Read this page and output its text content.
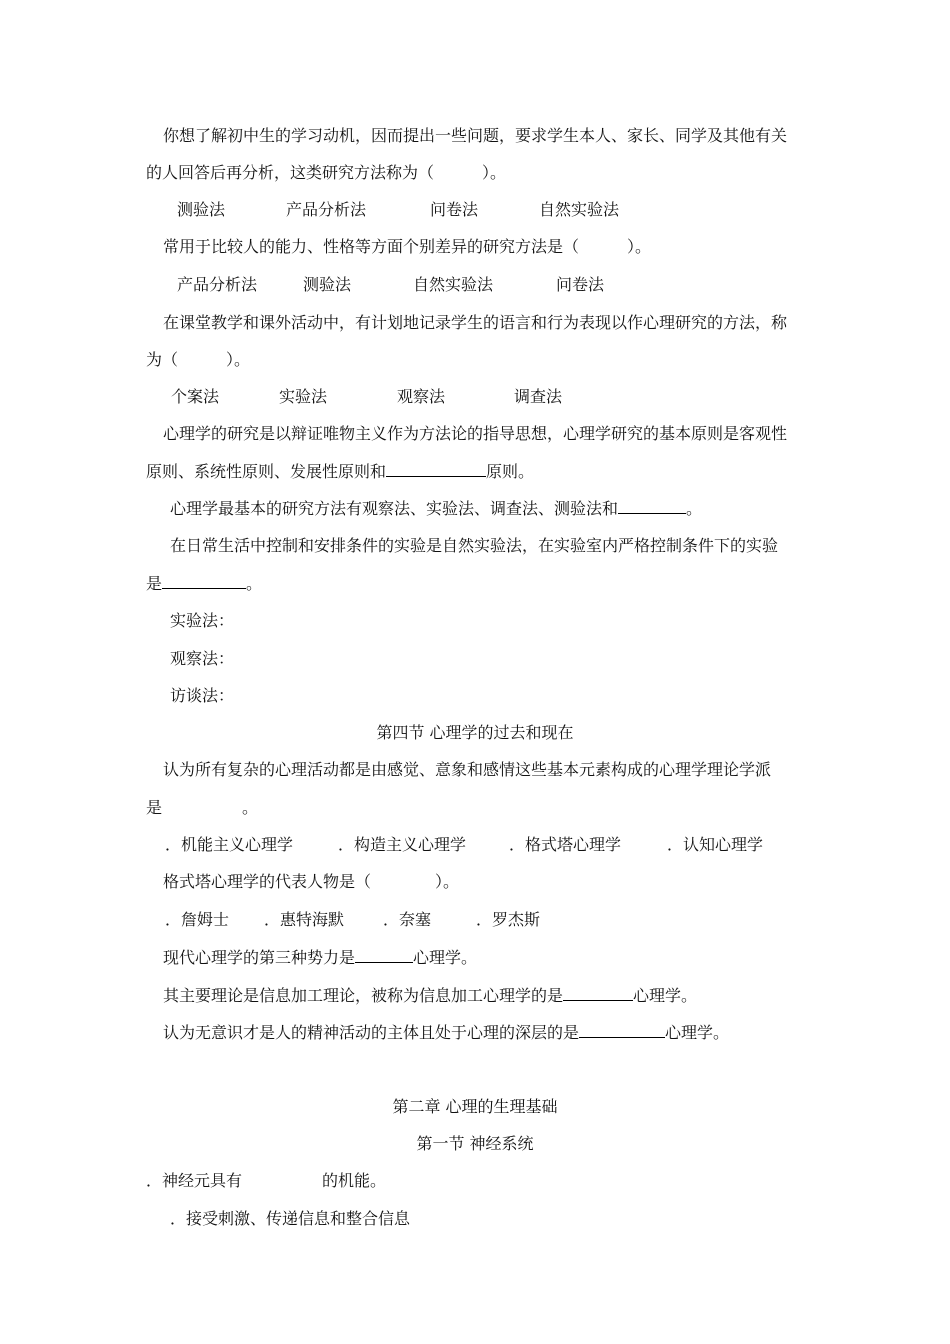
你想了解初中生的学习动机，因而提出一些问题，要求学生本人、家长、同学及其他有关
的人回答后再分析，这类研究方法称为（　　　）。
测验法	产品分析法	问卷法	自然实验法
常用于比较人的能力、性格等方面个别差异的研究方法是（　　　）。
产品分析法	测验法	自然实验法	问卷法
在课堂教学和课外活动中，有计划地记录学生的语言和行为表现以作心理研究的方法，称
为（　　　）。
个案法	实验法	观察法	调查法
心理学的研究是以辩证唯物主义作为方法论的指导思想，心理学研究的基本原则是客观性
原则、系统性原则、发展性原则和	原则。
心理学最基本的研究方法有观察法、实验法、调查法、测验法和	。
在日常生活中控制和安排条件的实验是自然实验法，在实验室内严格控制条件下的实验
是	。
实验法：
观察法：
访谈法：
第四节 心理学的过去和现在
认为所有复杂的心理活动都是由感觉、意象和感情这些基本元素构成的心理学理论学派
是　　　　　。
．机能主义心理学	．构造主义心理学	．格式塔心理学	．认知心理学
格式塔心理学的代表人物是（　　　　）。
．詹姆士 ．惠特海默 ．奈塞	．罗杰斯
现代心理学的第三种势力是	心理学。
其主要理论是信息加工理论，被称为信息加工心理学的是	心理学。
认为无意识才是人的精神活动的主体且处于心理的深层的是	心理学。
第二章 心理的生理基础
第一节 神经系统
．神经元具有	的机能。
．接受刺激、传递信息和整合信息
